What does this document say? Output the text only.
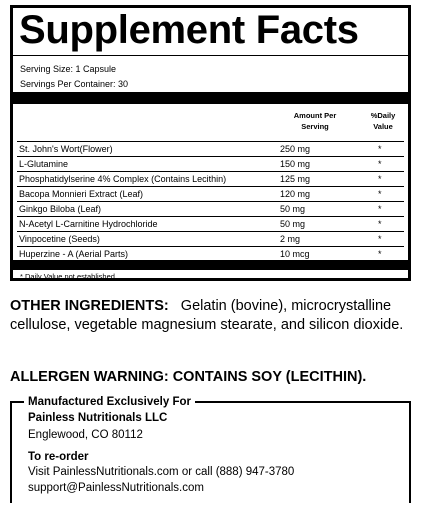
Supplement Facts
Serving Size: 1 Capsule
Servings Per Container: 30
Amount Per
Serving
%Daily
Value
St. John's Wort(Flower)	250 mg	*
L-Glutamine	150 mg	*
Phosphatidylserine 4% Complex (Contains Lecithin)	125 mg	*
Bacopa Monnieri Extract (Leaf)	120 mg	*
Ginkgo Biloba (Leaf)	50 mg	*
N-Acetyl L-Carnitine Hydrochloride	50 mg	*
Vinpocetine (Seeds)	2 mg	*
Huperzine - A (Aerial Parts)	10 mcg	*
* Daily Value not established.
OTHER INGREDIENTS: Gelatin (bovine), microcrystalline cellulose, vegetable magnesium stearate, and silicon dioxide.
ALLERGEN WARNING: CONTAINS SOY (LECITHIN).
Manufactured Exclusively For
Painless Nutritionals LLC
Englewood, CO 80112
To re-order
Visit PainlessNutritionals.com or call (888) 947-3780
support@PainlessNutritionals.com
